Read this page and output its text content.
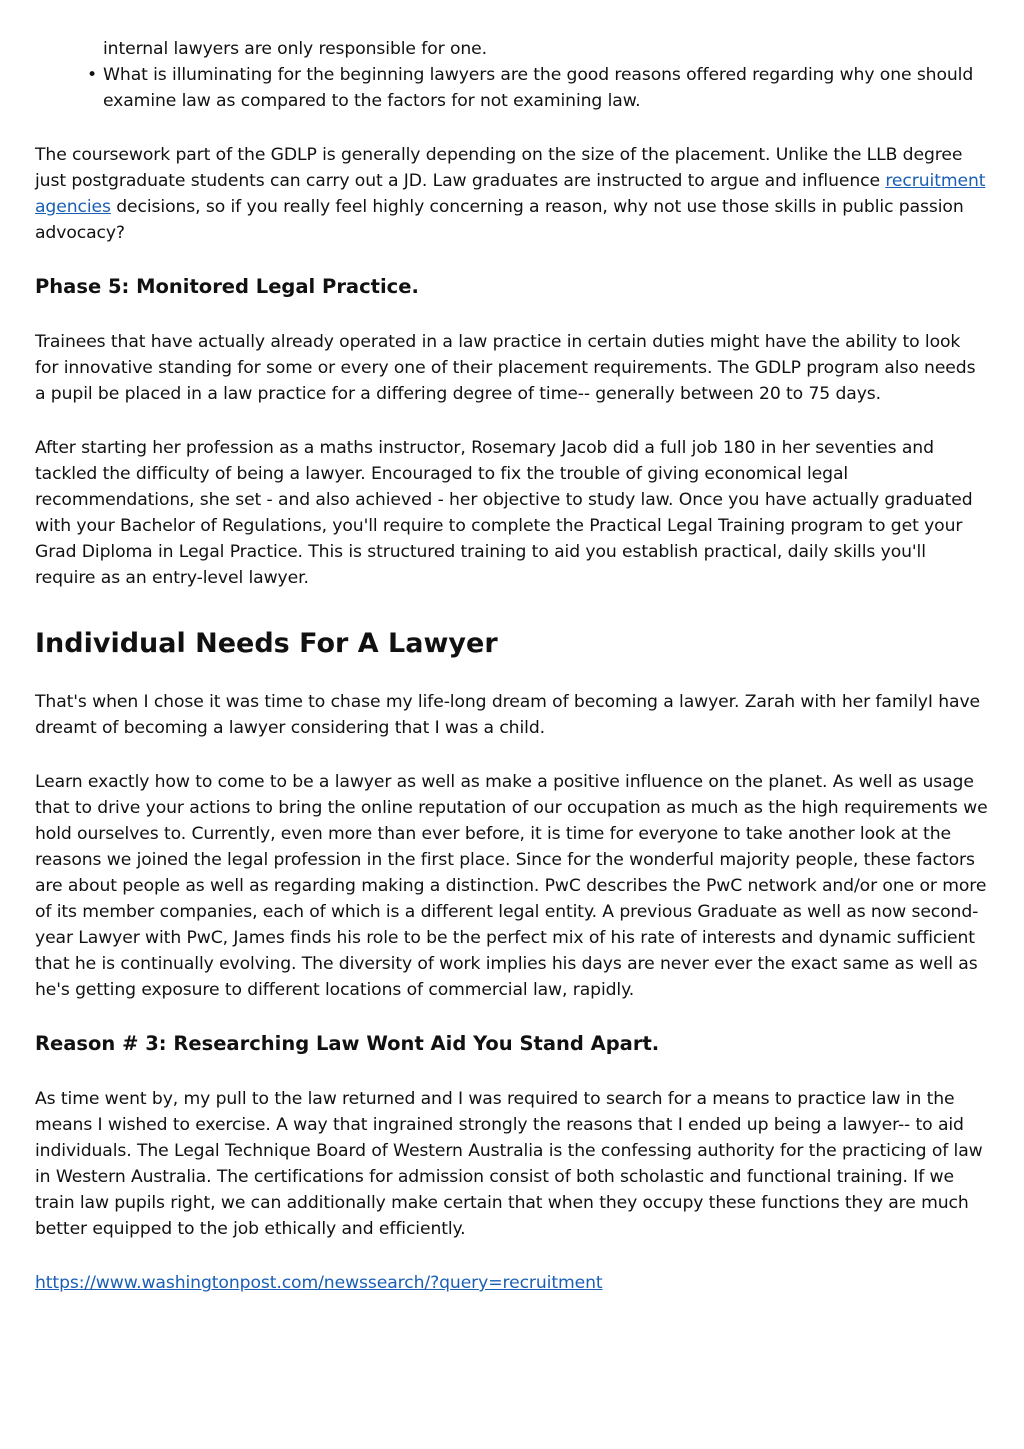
internal lawyers are only responsible for one.
• What is illuminating for the beginning lawyers are the good reasons offered regarding why one should examine law as compared to the factors for not examining law.

The coursework part of the GDLP is generally depending on the size of the placement. Unlike the LLB degree just postgraduate students can carry out a JD. Law graduates are instructed to argue and influence recruitment agencies decisions, so if you really feel highly concerning a reason, why not use those skills in public passion advocacy?

Phase 5: Monitored Legal Practice.

Trainees that have actually already operated in a law practice in certain duties might have the ability to look for innovative standing for some or every one of their placement requirements. The GDLP program also needs a pupil be placed in a law practice for a differing degree of time-- generally between 20 to 75 days.

After starting her profession as a maths instructor, Rosemary Jacob did a full job 180 in her seventies and tackled the difficulty of being a lawyer. Encouraged to fix the trouble of giving economical legal recommendations, she set - and also achieved - her objective to study law. Once you have actually graduated with your Bachelor of Regulations, you'll require to complete the Practical Legal Training program to get your Grad Diploma in Legal Practice. This is structured training to aid you establish practical, daily skills you'll require as an entry-level lawyer.

Individual Needs For A Lawyer

That's when I chose it was time to chase my life-long dream of becoming a lawyer. Zarah with her familyI have dreamt of becoming a lawyer considering that I was a child.

Learn exactly how to come to be a lawyer as well as make a positive influence on the planet. As well as usage that to drive your actions to bring the online reputation of our occupation as much as the high requirements we hold ourselves to. Currently, even more than ever before, it is time for everyone to take another look at the reasons we joined the legal profession in the first place. Since for the wonderful majority people, these factors are about people as well as regarding making a distinction. PwC describes the PwC network and/or one or more of its member companies, each of which is a different legal entity. A previous Graduate as well as now second-year Lawyer with PwC, James finds his role to be the perfect mix of his rate of interests and dynamic sufficient that he is continually evolving. The diversity of work implies his days are never ever the exact same as well as he's getting exposure to different locations of commercial law, rapidly.

Reason # 3: Researching Law Wont Aid You Stand Apart.

As time went by, my pull to the law returned and I was required to search for a means to practice law in the means I wished to exercise. A way that ingrained strongly the reasons that I ended up being a lawyer-- to aid individuals. The Legal Technique Board of Western Australia is the confessing authority for the practicing of law in Western Australia. The certifications for admission consist of both scholastic and functional training. If we train law pupils right, we can additionally make certain that when they occupy these functions they are much better equipped to the job ethically and efficiently.

https://www.washingtonpost.com/newssearch/?query=recruitment
